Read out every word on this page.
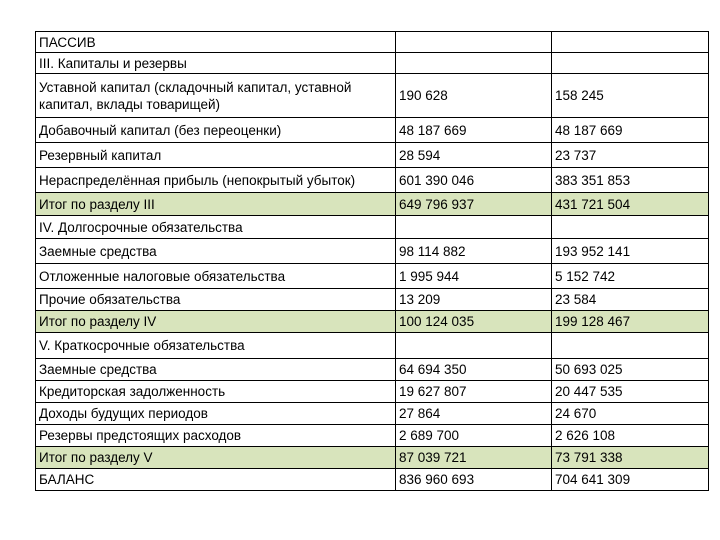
ПАССИВ		
III. Капиталы и резервы		
Уставной капитал (складочный капитал, уставной капитал, вклады товарищей)	190 628	158 245
Добавочный капитал (без переоценки)	48 187 669	48 187 669
Резервный капитал	28 594	23 737
Нераспределённая прибыль (непокрытый убыток)	601 390 046	383 351 853
Итог по разделу III	649 796 937	431 721 504
IV. Долгосрочные обязательства		
Заемные средства	98 114 882	193 952 141
Отложенные налоговые обязательства	1 995 944	5 152 742
Прочие обязательства	13 209	23 584
Итог по разделу IV	100 124 035	199 128 467
V. Краткосрочные обязательства		
Заемные средства	64 694 350	50 693 025
Кредиторская задолженность	19 627 807	20 447 535
Доходы будущих периодов	27 864	24 670
Резервы предстоящих расходов	2 689 700	2 626 108
Итог по разделу V	87 039 721	73 791 338
БАЛАНС	836 960 693	704 641 309
